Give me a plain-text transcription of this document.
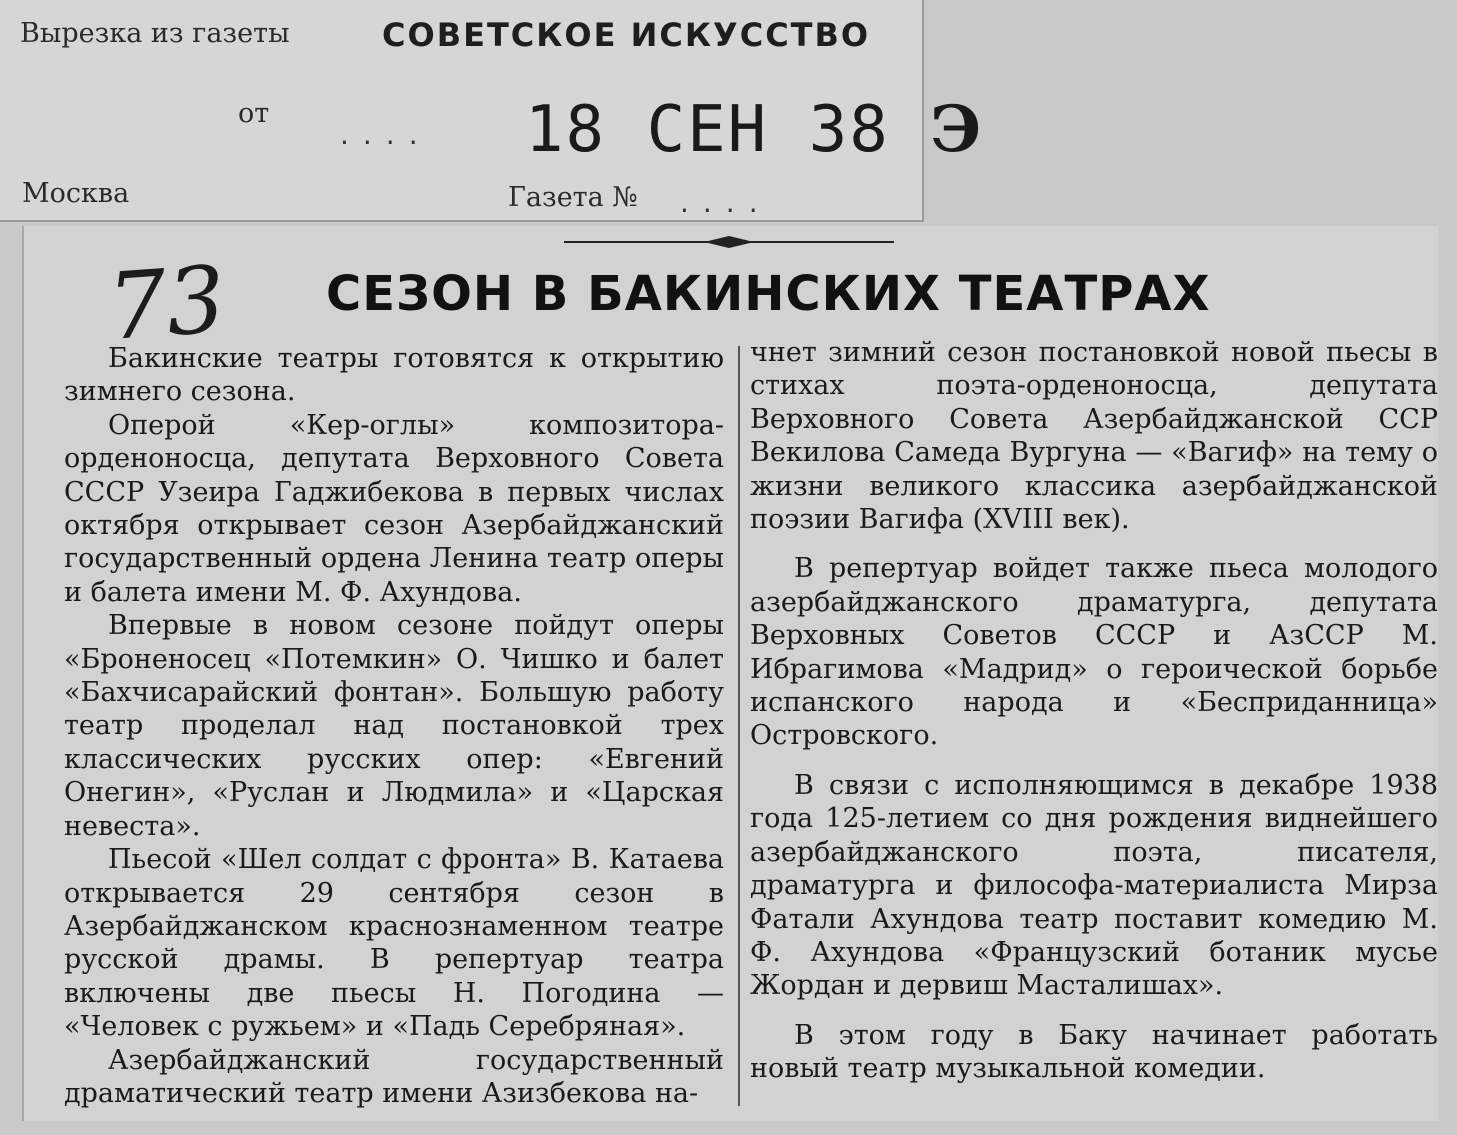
Вырезка из газеты	СОВЕТСКОЕ ИСКУССТВО
от
.... 18 СЕН 38 Э
Москва	Газета № ....
73 СЕЗОН В БАКИНСКИХ ТЕАТРАХ

Бакинские театры готовятся к открытию зимнего сезона.

Оперой «Кер-оглы» композитора-орденоносца, депутата Верховного Совета СССР Узеира Гаджибекова в первых числах октября открывает сезон Азербайджанский государственный ордена Ленина театр оперы и балета имени М. Ф. Ахундова.

Впервые в новом сезоне пойдут оперы «Броненосец «Потемкин» О. Чишко и балет «Бахчисарайский фонтан». Большую работу театр проделал над постановкой трех классических русских опер: «Евгений Онегин», «Руслан и Людмила» и «Царская невеста».

Пьесой «Шел солдат с фронта» В. Катаева открывается 29 сентября сезон в Азербайджанском краснознаменном театре русской драмы. В репертуар театра включены две пьесы Н. Погодина — «Человек с ружьем» и «Падь Серебряная».

Азербайджанский государственный драматический театр имени Азизбекова на-

чнет зимний сезон постановкой новой пьесы в стихах поэта-орденоносца, депутата Верховного Совета Азербайджанской ССР Векилова Самеда Вургуна — «Вагиф» на тему о жизни великого классика азербайджанской поэзии Вагифа (XVIII век).

В репертуар войдет также пьеса молодого азербайджанского драматурга, депутата Верховных Советов СССР и АзССР М. Ибрагимова «Мадрид» о героической борьбе испанского народа и «Бесприданница» Островского.

В связи с исполняющимся в декабре 1938 года 125-летием со дня рождения виднейшего азербайджанского поэта, писателя, драматурга и философа-материалиста Мирза Фатали Ахундова театр поставит комедию М. Ф. Ахундова «Французский ботаник мусье Жордан и дервиш Масталишах».

В этом году в Баку начинает работать новый театр музыкальной комедии.
